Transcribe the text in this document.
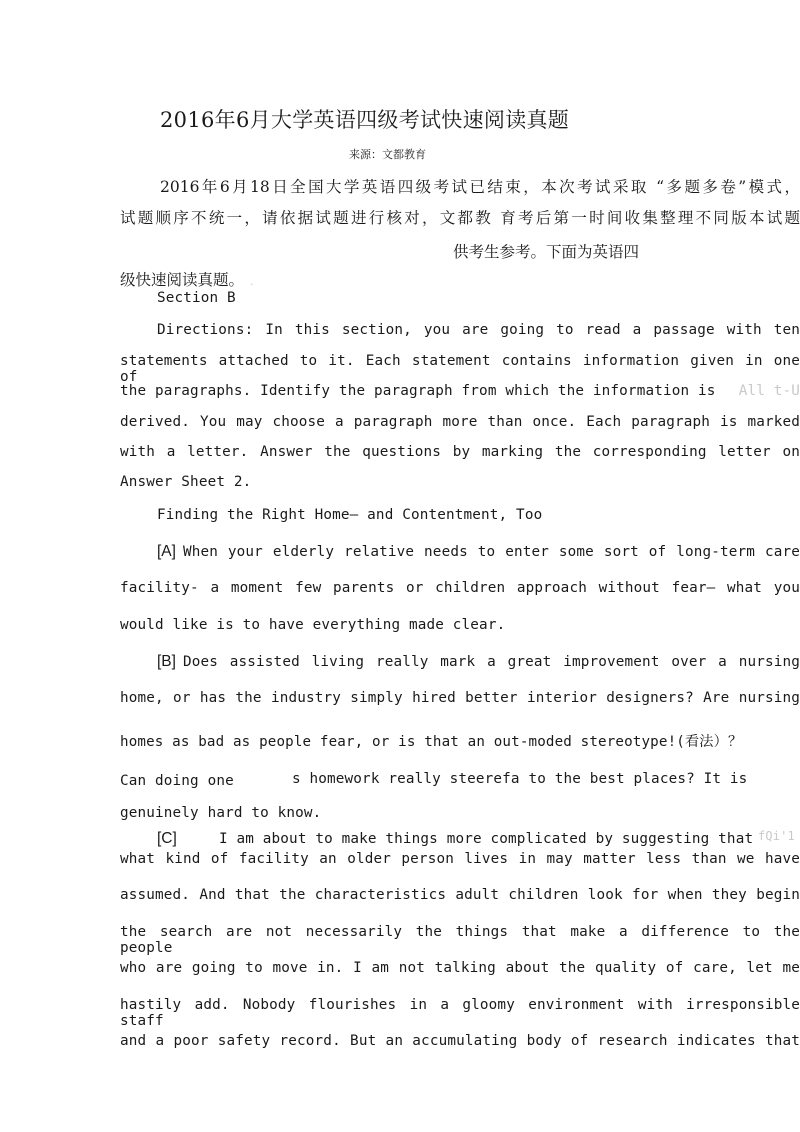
2016年6月大学英语四级考试快速阅读真题
来源：文都教育
2016年6月18日全国大学英语四级考试已结束，本次考试采取 “多题多卷”模式，
试题顺序不统一，请依据试题进行核对，文都教 育考后第一时间收集整理不同版本试题
供考生参考。下面为英语四
级快速阅读真题。 .
Section B
Directions: In this section, you are going to read a passage with ten
statements attached to it. Each statement contains information given in one of
the paragraphs. Identify the paragraph from which the information is All t-U
derived. You may choose a paragraph more than once. Each paragraph is marked
with a letter. Answer the questions by marking the corresponding letter on
Answer Sheet 2.
Finding the Right Home— and Contentment, Too
[A] When your elderly relative needs to enter some sort of long-term care
facility- a moment few parents or children approach without fear— what you
would like is to have everything made clear.
[B] Does assisted living really mark a great improvement over a nursing
home, or has the industry simply hired better interior designers? Are nursing
homes as bad as people fear, or is that an out-moded stereotype!(看法）？
Can doing one	s homework really steerefa to the best places? It is
genuinely hard to know.
[C]	I am about to make things more complicated by suggesting that fQi'1
what kind of facility an older person lives in may matter less than we have
assumed. And that the characteristics adult children look for when they begin
the search are not necessarily the things that make a difference to the people
who are going to move in. I am not talking about the quality of care, let me
hastily add. Nobody flourishes in a gloomy environment with irresponsible staff
and a poor safety record. But an accumulating body of research indicates that
